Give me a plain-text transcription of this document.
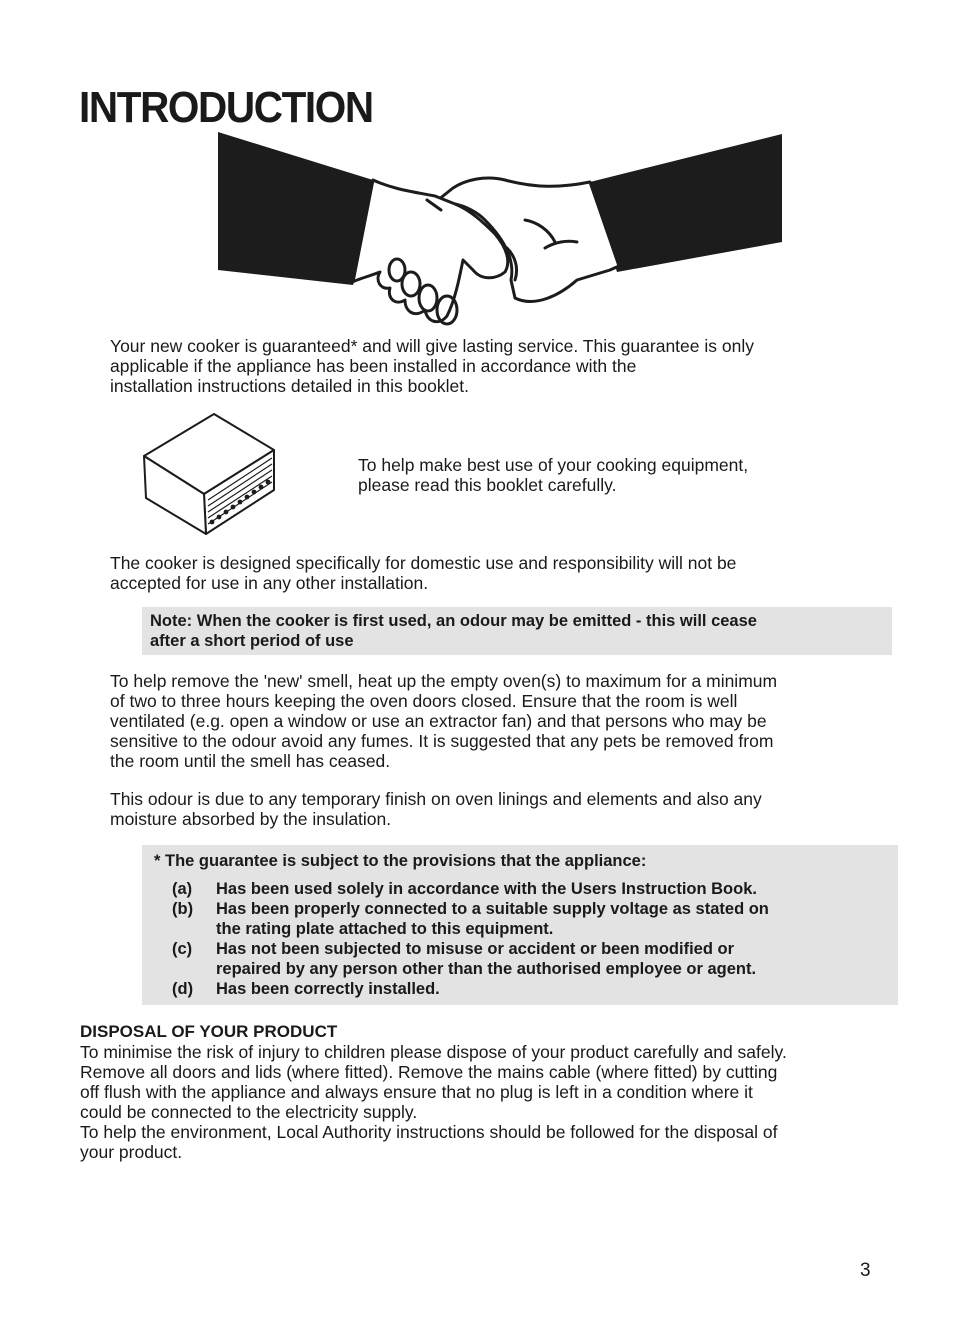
INTRODUCTION
Your new cooker is guaranteed* and will give lasting service. This guarantee is only
applicable if the appliance has been installed in accordance with the
installation instructions detailed in this booklet.
To help make best use of your cooking equipment,
please read this booklet carefully.
The cooker is designed specifically for domestic use and responsibility will not be
accepted for use in any other installation.
Note: When the cooker is first used, an odour may be emitted - this will cease
after a short period of use
To help remove the 'new' smell, heat up the empty oven(s) to maximum for a minimum
of two to three hours keeping the oven doors closed. Ensure that the room is well
ventilated (e.g. open a window or use an extractor fan) and that persons who may be
sensitive to the odour avoid any fumes. It is suggested that any pets be removed from
the room until the smell has ceased.
This odour is due to any temporary finish on oven linings and elements and also any
moisture absorbed by the insulation.
* The guarantee is subject to the provisions that the appliance:
(a)	Has been used solely in accordance with the Users Instruction Book.
(b)	Has been properly connected to a suitable supply voltage as stated on
the rating plate attached to this equipment.
(c)	Has not been subjected to misuse or accident or been modified or
repaired by any person other than the authorised employee or agent.
(d)	Has been correctly installed.
DISPOSAL OF YOUR PRODUCT
To minimise the risk of injury to children please dispose of your product carefully and safely.
Remove all doors and lids (where fitted). Remove the mains cable (where fitted) by cutting
off flush with the appliance and always ensure that no plug is left in a condition where it
could be connected to the electricity supply.
To help the environment, Local Authority instructions should be followed for the disposal of
your product.
3
